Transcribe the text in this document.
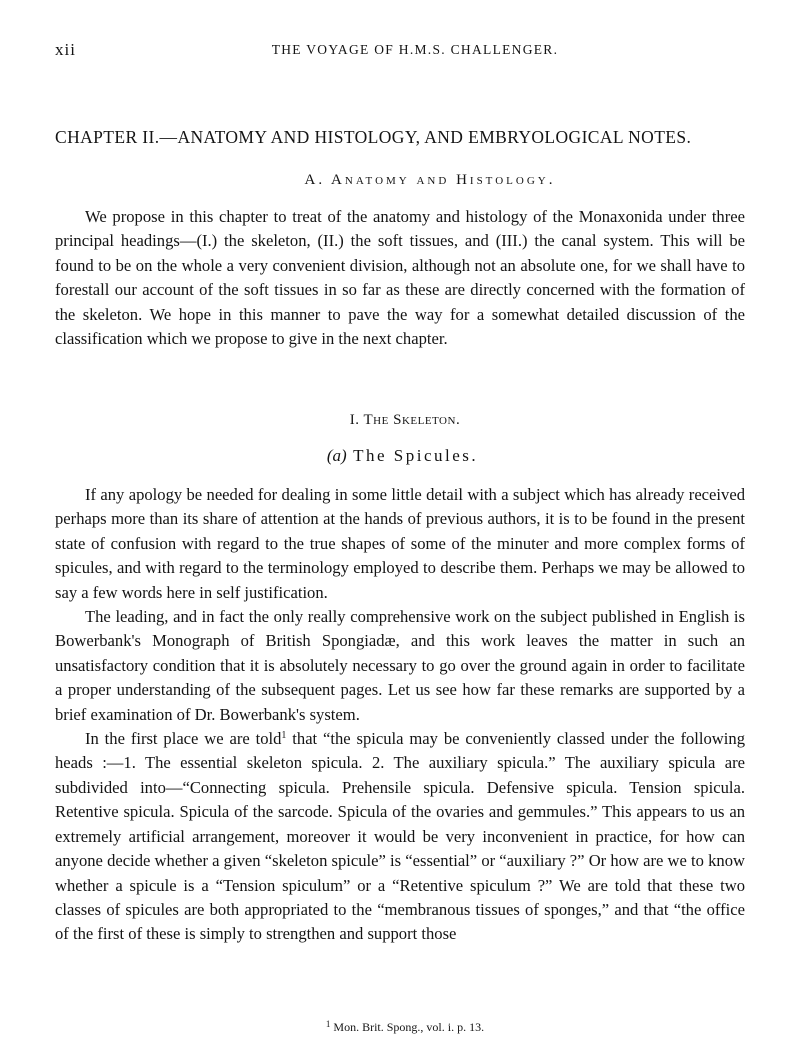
xii	THE VOYAGE OF H.M.S. CHALLENGER.
CHAPTER II.—ANATOMY AND HISTOLOGY, AND EMBRYOLOGICAL NOTES.
A. Anatomy and Histology.

We propose in this chapter to treat of the anatomy and histology of the Monaxonida under three principal headings—(I.) the skeleton, (II.) the soft tissues, and (III.) the canal system. This will be found to be on the whole a very convenient division, although not an absolute one, for we shall have to forestall our account of the soft tissues in so far as these are directly concerned with the formation of the skeleton. We hope in this manner to pave the way for a somewhat detailed discussion of the classification which we propose to give in the next chapter.

I. The Skeleton.
(a) The Spicules.

If any apology be needed for dealing in some little detail with a subject which has already received perhaps more than its share of attention at the hands of previous authors, it is to be found in the present state of confusion with regard to the true shapes of some of the minuter and more complex forms of spicules, and with regard to the terminology employed to describe them. Perhaps we may be allowed to say a few words here in self justification.

The leading, and in fact the only really comprehensive work on the subject published in English is Bowerbank's Monograph of British Spongiadæ, and this work leaves the matter in such an unsatisfactory condition that it is absolutely necessary to go over the ground again in order to facilitate a proper understanding of the subsequent pages. Let us see how far these remarks are supported by a brief examination of Dr. Bowerbank's system.

In the first place we are told$^1$ that “the spicula may be conveniently classed under the following heads :—1. The essential skeleton spicula. 2. The auxiliary spicula.” The auxiliary spicula are subdivided into—“Connecting spicula. Prehensile spicula. Defensive spicula. Tension spicula. Retentive spicula. Spicula of the sarcode. Spicula of the ovaries and gemmules.” This appears to us an extremely artificial arrangement, moreover it would be very inconvenient in practice, for how can anyone decide whether a given “skeleton spicule” is “essential” or “auxiliary ?” Or how are we to know whether a spicule is a “Tension spiculum” or a “Retentive spiculum ?” We are told that these two classes of spicules are both appropriated to the “membranous tissues of sponges,” and that “the office of the first of these is simply to strengthen and support those

$^1$ Mon. Brit. Spong., vol. i. p. 13.
